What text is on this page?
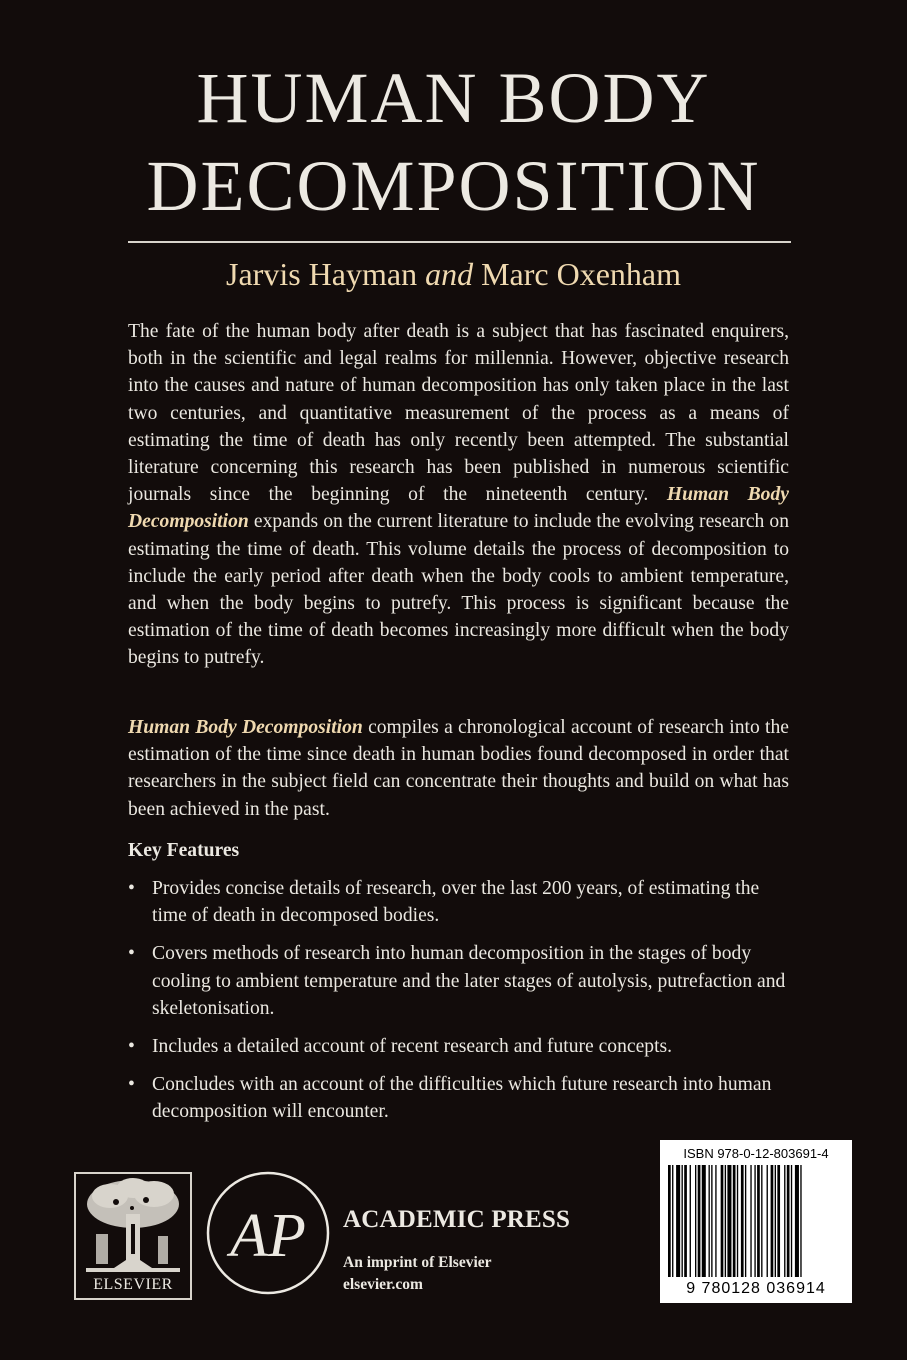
HUMAN BODY
DECOMPOSITION
Jarvis Hayman and Marc Oxenham

The fate of the human body after death is a subject that has fascinated enquirers, both in the scientific and legal realms for millennia. However, objective research into the causes and nature of human decomposition has only taken place in the last two centuries, and quantitative measurement of the process as a means of estimating the time of death has only recently been attempted. The substantial literature concerning this research has been published in numerous scientific journals since the beginning of the nineteenth century. Human Body Decomposition expands on the current literature to include the evolving research on estimating the time of death. This volume details the process of decomposition to include the early period after death when the body cools to ambient temperature, and when the body begins to putrefy. This process is significant because the estimation of the time of death becomes increasingly more difficult when the body begins to putrefy.

Human Body Decomposition compiles a chronological account of research into the estimation of the time since death in human bodies found decomposed in order that researchers in the subject field can concentrate their thoughts and build on what has been achieved in the past.

Key Features
• Provides concise details of research, over the last 200 years, of estimating the time of death in decomposed bodies.
• Covers methods of research into human decomposition in the stages of body cooling to ambient temperature and the later stages of autolysis, putrefaction and skeletonisation.
• Includes a detailed account of recent research and future concepts.
• Concludes with an account of the difficulties which future research into human decomposition will encounter.
ELSEVIER
AP ACADEMIC PRESS
An imprint of Elsevier
elsevier.com
ISBN 978-0-12-803691-4
9 780128 036914
